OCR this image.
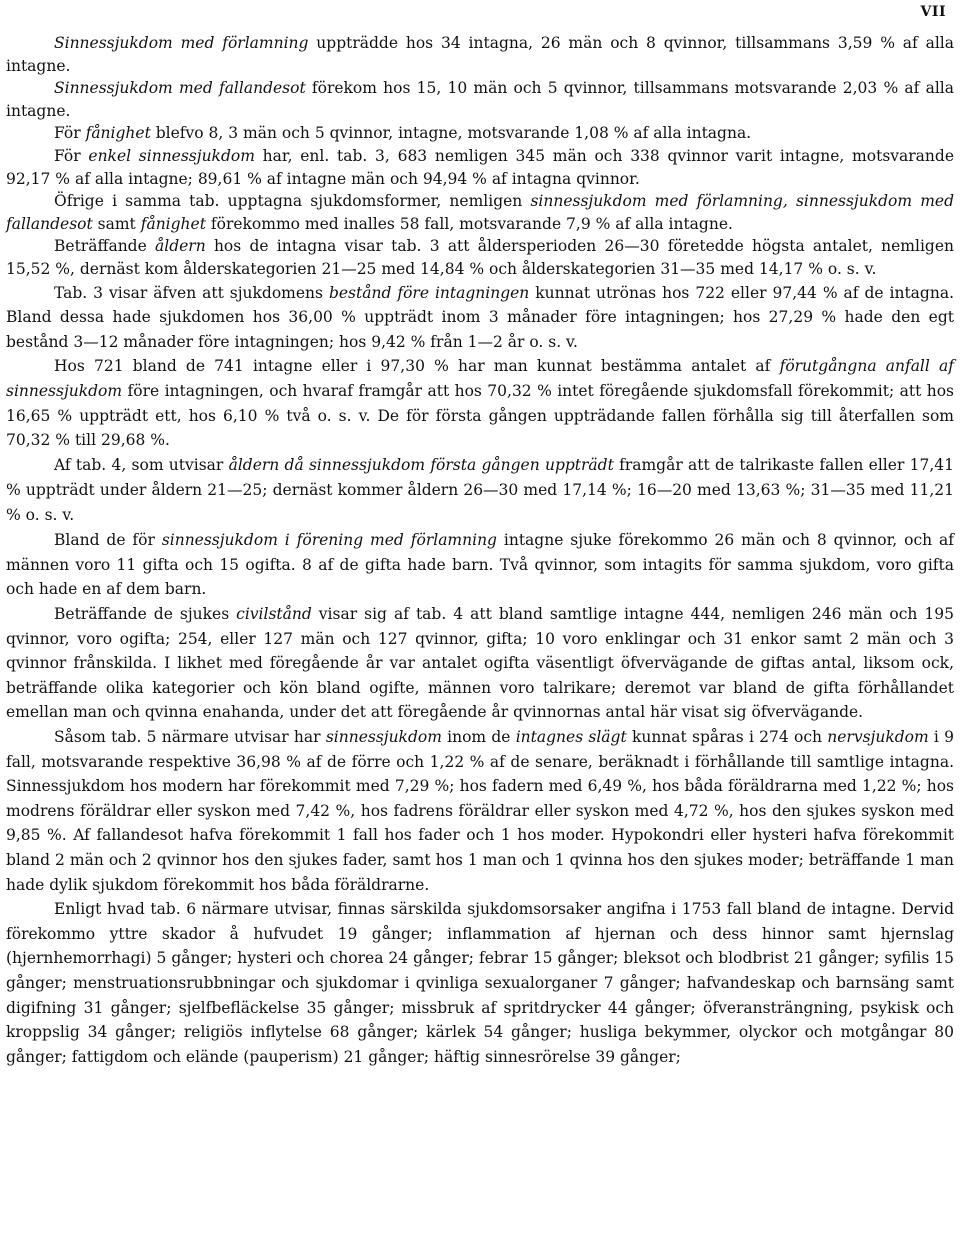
VII

Sinnessjukdom med förlamning uppträdde hos 34 intagna, 26 män och 8 qvinnor, tillsammans 3,59 % af alla intagne.

Sinnessjukdom med fallandesot förekom hos 15, 10 män och 5 qvinnor, tillsammans motsvarande 2,03 % af alla intagne.

För fånighet blefvo 8, 3 män och 5 qvinnor, intagne, motsvarande 1,08 % af alla intagna.

För enkel sinnessjukdom har, enl. tab. 3, 683 nemligen 345 män och 338 qvinnor varit intagne, motsvarande 92,17 % af alla intagne; 89,61 % af intagne män och 94,94 % af intagna qvinnor.

Öfrige i samma tab. upptagna sjukdomsformer, nemligen sinnessjukdom med förlamning, sinnessjukdom med fallandesot samt fånighet förekommo med inalles 58 fall, motsvarande 7,9 % af alla intagne.

Beträffande åldern hos de intagna visar tab. 3 att åldersperioden 26—30 företedde högsta antalet, nemligen 15,52 %, dernäst kom ålderskategorien 21—25 med 14,84 % och ålderskategorien 31—35 med 14,17 % o. s. v.

Tab. 3 visar äfven att sjukdomens bestånd före intagningen kunnat utrönas hos 722 eller 97,44 % af de intagna. Bland dessa hade sjukdomen hos 36,00 % uppträdt inom 3 månader före intagningen; hos 27,29 % hade den egt bestånd 3—12 månader före intagningen; hos 9,42 % från 1—2 år o. s. v.

Hos 721 bland de 741 intagne eller i 97,30 % har man kunnat bestämma antalet af förutgångna anfall af sinnessjukdom före intagningen, och hvaraf framgår att hos 70,32 % intet föregående sjukdomsfall förekommit; att hos 16,65 % uppträdt ett, hos 6,10 % två o. s. v. De för första gången uppträdande fallen förhålla sig till återfallen som 70,32 % till 29,68 %.

Af tab. 4, som utvisar åldern då sinnessjukdom första gången uppträdt framgår att de talrikaste fallen eller 17,41 % uppträdt under åldern 21—25; dernäst kommer åldern 26—30 med 17,14 %; 16—20 med 13,63 %; 31—35 med 11,21 % o. s. v.

Bland de för sinnessjukdom i förening med förlamning intagne sjuke förekommo 26 män och 8 qvinnor, och af männen voro 11 gifta och 15 ogifta. 8 af de gifta hade barn. Två qvinnor, som intagits för samma sjukdom, voro gifta och hade en af dem barn.

Beträffande de sjukes civilstånd visar sig af tab. 4 att bland samtlige intagne 444, nemligen 246 män och 195 qvinnor, voro ogifta; 254, eller 127 män och 127 qvinnor, gifta; 10 voro enklingar och 31 enkor samt 2 män och 3 qvinnor frånskilda. I likhet med föregående år var antalet ogifta väsentligt öfvervägande de giftas antal, liksom ock, beträffande olika kategorier och kön bland ogifte, männen voro talrikare; deremot var bland de gifta förhållandet emellan man och qvinna enahanda, under det att föregående år qvinnornas antal här visat sig öfvervägande.

Såsom tab. 5 närmare utvisar har sinnessjukdom inom de intagnes slägt kunnat spåras i 274 och nervsjukdom i 9 fall, motsvarande respektive 36,98 % af de förre och 1,22 % af de senare, beräknadt i förhållande till samtlige intagna. Sinnessjukdom hos modern har förekommit med 7,29 %; hos fadern med 6,49 %, hos båda föräldrarna med 1,22 %; hos modrens föräldrar eller syskon med 7,42 %, hos fadrens föräldrar eller syskon med 4,72 %, hos den sjukes syskon med 9,85 %. Af fallandesot hafva förekommit 1 fall hos fader och 1 hos moder. Hypokondri eller hysteri hafva förekommit bland 2 män och 2 qvinnor hos den sjukes fader, samt hos 1 man och 1 qvinna hos den sjukes moder; beträffande 1 man hade dylik sjukdom förekommit hos båda föräldrarne.

Enligt hvad tab. 6 närmare utvisar, finnas särskilda sjukdomsorsaker angifna i 1753 fall bland de intagne. Dervid förekommo yttre skador å hufvudet 19 gånger; inflammation af hjernan och dess hinnor samt hjernslag (hjernhemorrhagi) 5 gånger; hysteri och chorea 24 gånger; febrar 15 gånger; bleksot och blodbrist 21 gånger; syfilis 15 gånger; menstruationsrubbningar och sjukdomar i qvinliga sexualorganer 7 gånger; hafvandeskap och barnsäng samt digifning 31 gånger; sjelfbefläckelse 35 gånger; missbruk af spritdrycker 44 gånger; öfveransträngning, psykisk och kroppslig 34 gånger; religiös inflytelse 68 gånger; kärlek 54 gånger; husliga bekymmer, olyckor och motgångar 80 gånger; fattigdom och elände (pauperism) 21 gånger; häftig sinnesrörelse 39 gånger;
